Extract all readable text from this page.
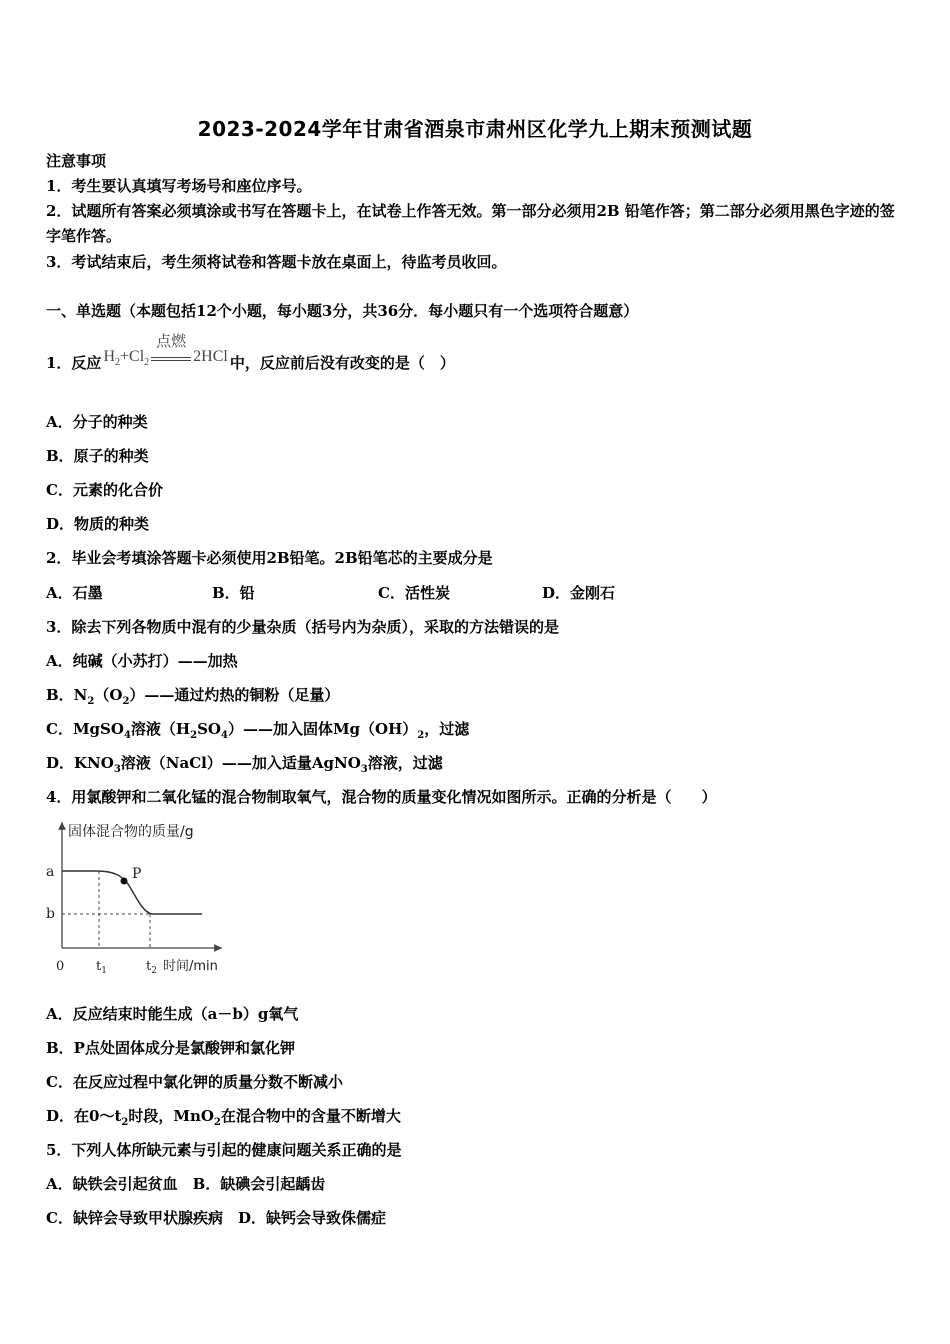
2023-2024学年甘肃省酒泉市肃州区化学九上期末预测试题
注意事项
1．考生要认真填写考场号和座位序号。
2．试题所有答案必须填涂或书写在答题卡上，在试卷上作答无效。第一部分必须用2B 铅笔作答；第二部分必须用黑色字迹的签字笔作答。
3．考试结束后，考生须将试卷和答题卡放在桌面上，待监考员收回。
一、单选题（本题包括12个小题，每小题3分，共36分．每小题只有一个选项符合题意）
1．反应 $H_2+Cl_2$
点燃
2HCl 中，反应前后没有改变的是（　）
A．分子的种类
B．原子的种类
C．元素的化合价
D．物质的种类
2．毕业会考填涂答题卡必须使用2B铅笔。2B铅笔芯的主要成分是
A．石墨	B．铅	C．活性炭	D．金刚石
3．除去下列各物质中混有的少量杂质（括号内为杂质），采取的方法错误的是
A．纯碱（小苏打）——加热
B．$N_2(O_2)——$通过灼热的铜粉（足量）
C．MgSO$_4$溶液$(H_2SO_4)——$加入固体$Mg(OH)_2$，过滤
D．$KNO_3$溶液（NaCl）——加入适量AgNO$_3$溶液，过滤
4．用氯酸钾和二氧化锰的混合物制取氧气，混合物的质量变化情况如图所示。正确的分析是（　　）
固体混合物的质量/g
a
b
P
0 $t_1$	$t_2$ 时间/min
A．反应结束时能生成（a－b）g氧气
B．P点处固体成分是氯酸钾和氯化钾
C．在反应过程中氯化钾的质量分数不断减小
D．在$0\sim t_2$时段，MnO$_2$在混合物中的含量不断增大
5．下列人体所缺元素与引起的健康问题关系正确的是
A．缺铁会引起贫血　B．缺碘会引起龋齿
C．缺锌会导致甲状腺疾病　D．缺钙会导致侏儒症
